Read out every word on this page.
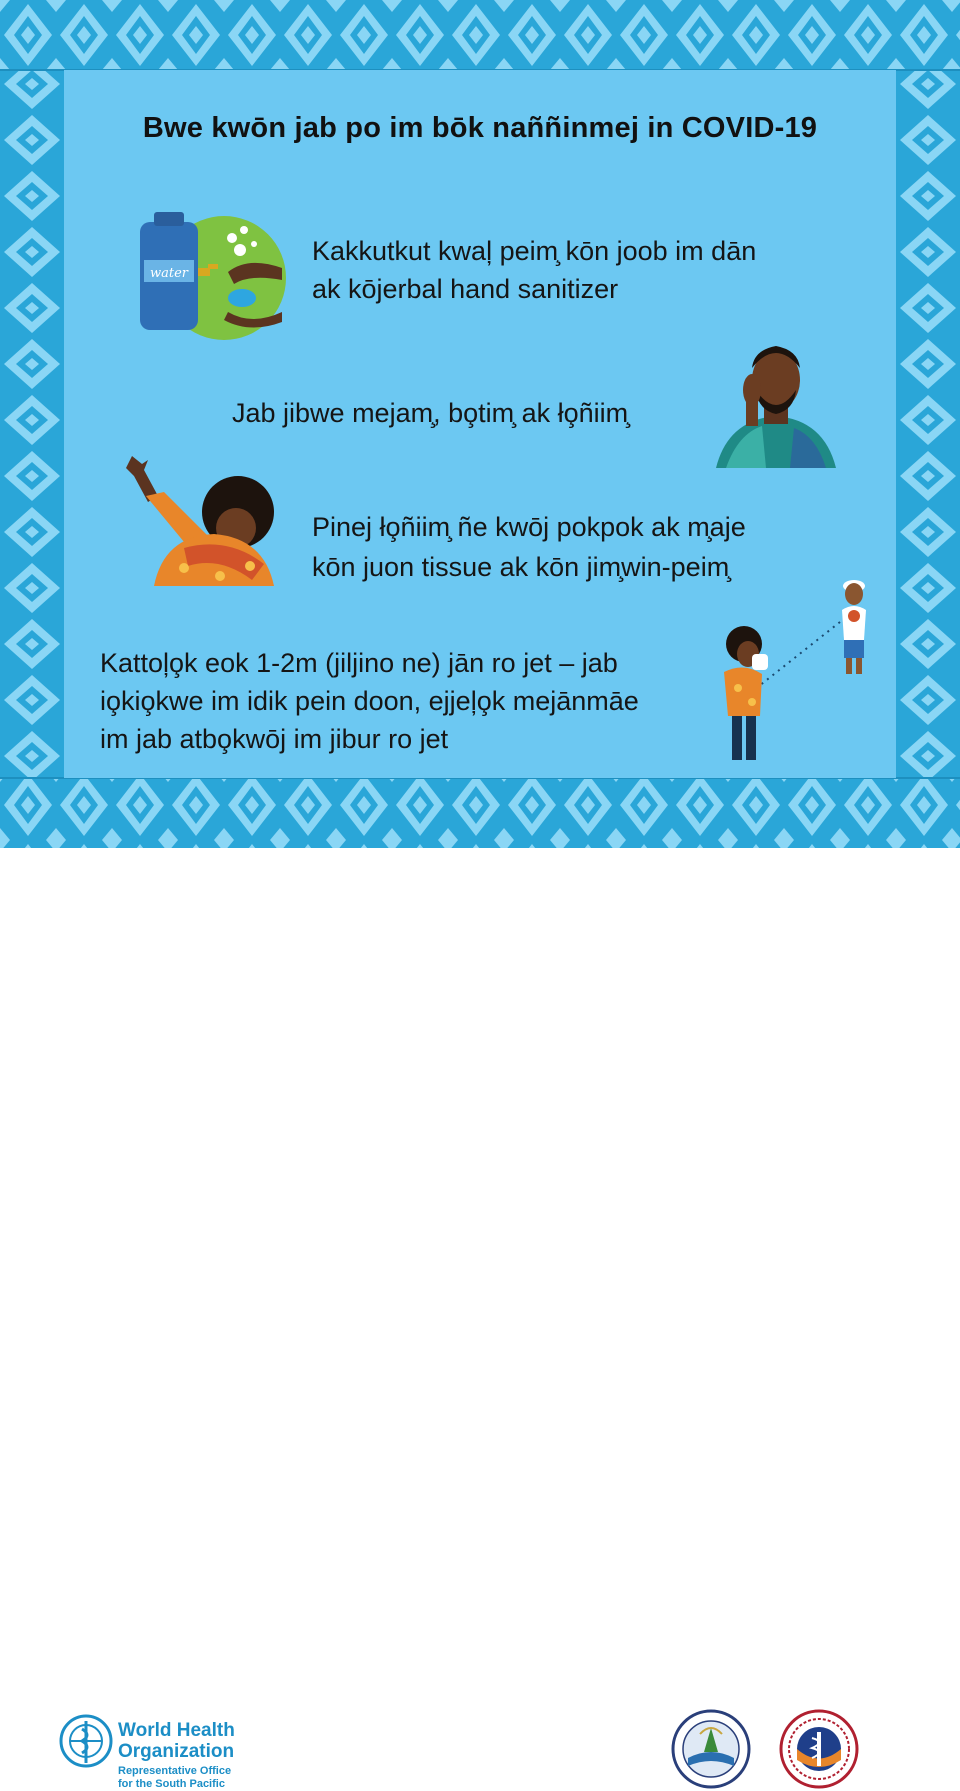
Bwe kwōn jab po im bōk naññinmej in COVID-19
water
Kakkutkut kwaļ peim̧ kōn joob im dān
ak kōjerbal hand sanitizer
Jab jibwe mejam̧, bo̧tim̧ ak ło̧ñiim̧
Pinej ło̧ñiim̧ ñe kwōj pokpok ak m̧aje
kōn juon tissue ak kōn jim̧win-peim̧
Kattoļo̧k eok 1-2m (jiljino ne) jān ro jet – jab
io̧kio̧kwe im idik pein doon, ejjeļo̧k mejānmāe
im jab atbo̧kwōj im jibur ro jet
World Health
Organization
Representative Office
for the South Pacific
